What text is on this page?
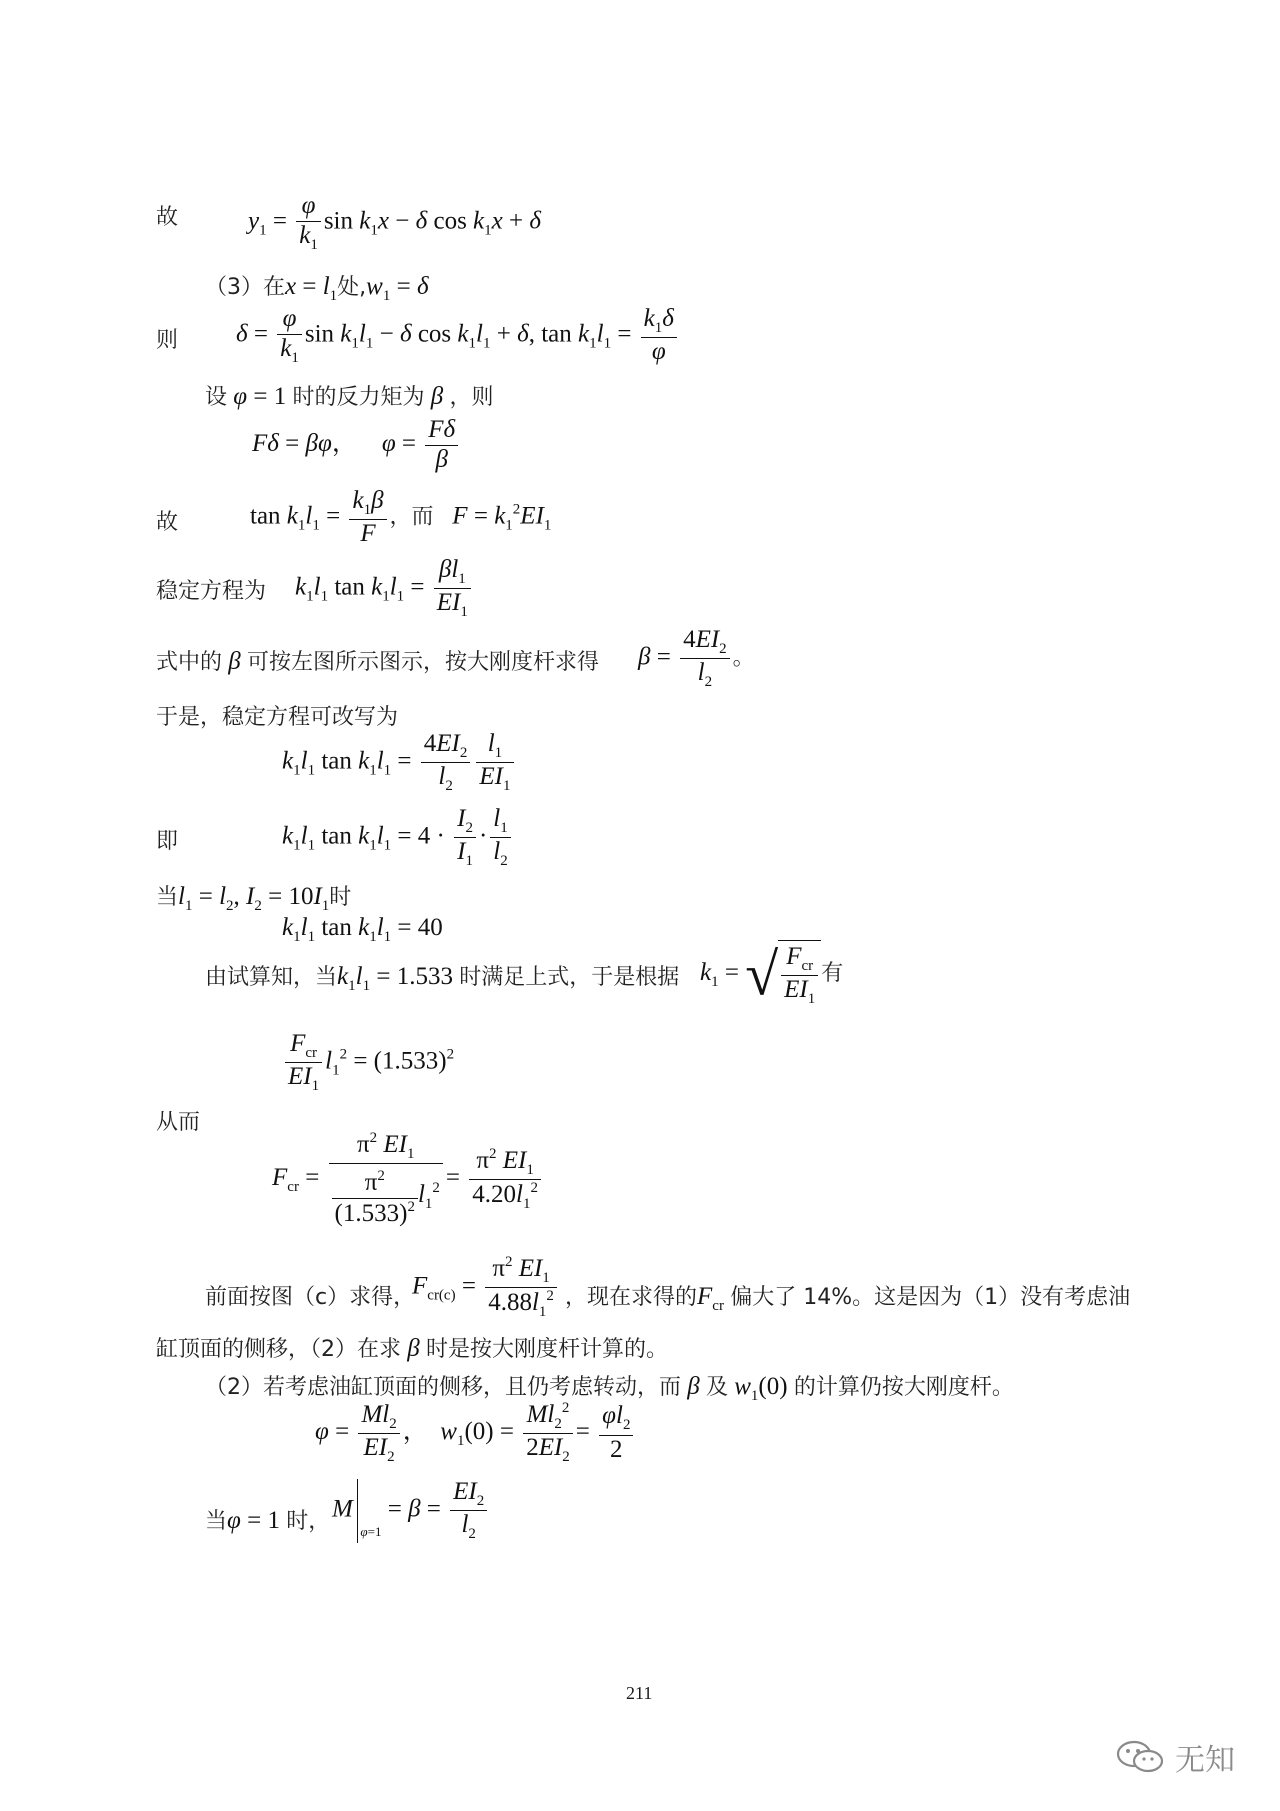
故	$y_1 = \frac{\varphi}{k_1}$ $\sin k_1x - \delta$ $\cos k_1x + \delta$
（3）在$x = l_1$处$,w_1 = \delta$
则 $\delta = \frac{\varphi}{k_1}$ $\sin k_1l_1 - \delta$ $\cos k_1l_1 + \delta$, $\tan k_1l_1 = \frac{k_1\delta}{\varphi}$
设 φ = 1 时的反力矩为 β ，则
Fδ = βφ，    $\varphi = \frac{F\delta}{\beta}$
故	$\tan k_1l_1 = \frac{k_1\beta}{F}$ ，而 $F = k_1^2EI_1$
稳定方程为 $k_1l_1$ $\tan k_1l_1 = \frac{\beta l_1}{EI_1}$
式中的 β 可按左图所示图示，按大刚度杆求得 $\beta = \frac{4EI_2}{l_2}$ 。
于是，稳定方程可改写为
$k_1l_1$ $\tan k_1l_1 = \frac{4EI_2}{l_2} \frac{l_1}{EI_1}$
即	$k_1l_1$ $\tan k_1l_1 = 4 \cdot \frac{I_2}{I_1} \cdot \frac{l_1}{l_2}$
当$l_1 = l_2$, $I_2 = 10I_1$时
$k_1l_1$ $\tan k_1l_1 = 40$
由试算知，当$k_1l_1 = 1.533$ 时满足上式，于是根据 $k_1$ = √ $\frac{F_{cr}}{EI_1}$ 有
$\frac{F_{cr}}{EI_1} l_1^2 = (1.533)^2$
从而
$F_{cr} = \frac{\pi^2 EI_1}{\frac{\pi^2}{(1.533)^2} l_1^2} = \frac{\pi^2 EI_1}{4.20l_1^2}$
前面按图（c）求得，
$F_{cr(c)} = \frac{\pi^2 EI_1}{4.88l_1^2}$ ，现在求得的$F_{cr}$ 偏大了 14%。这是因为（1）没有考虑油
缸顶面的侧移，（2）在求 β 时是按大刚度杆计算的。
（2）若考虑油缸顶面的侧移，且仍考虑转动，而 β 及 $w_1(0)$ 的计算仍按大刚度杆。
$\varphi = \frac{Ml_2}{EI_2}$ ，  $w_1(0) = \frac{Ml_2^2}{2EI_2} = \frac{\varphi l_2}{2}$
当φ = 1 时， $M_{\varphi=1} = \beta = \frac{EI_2}{l_2}$
211
无知
